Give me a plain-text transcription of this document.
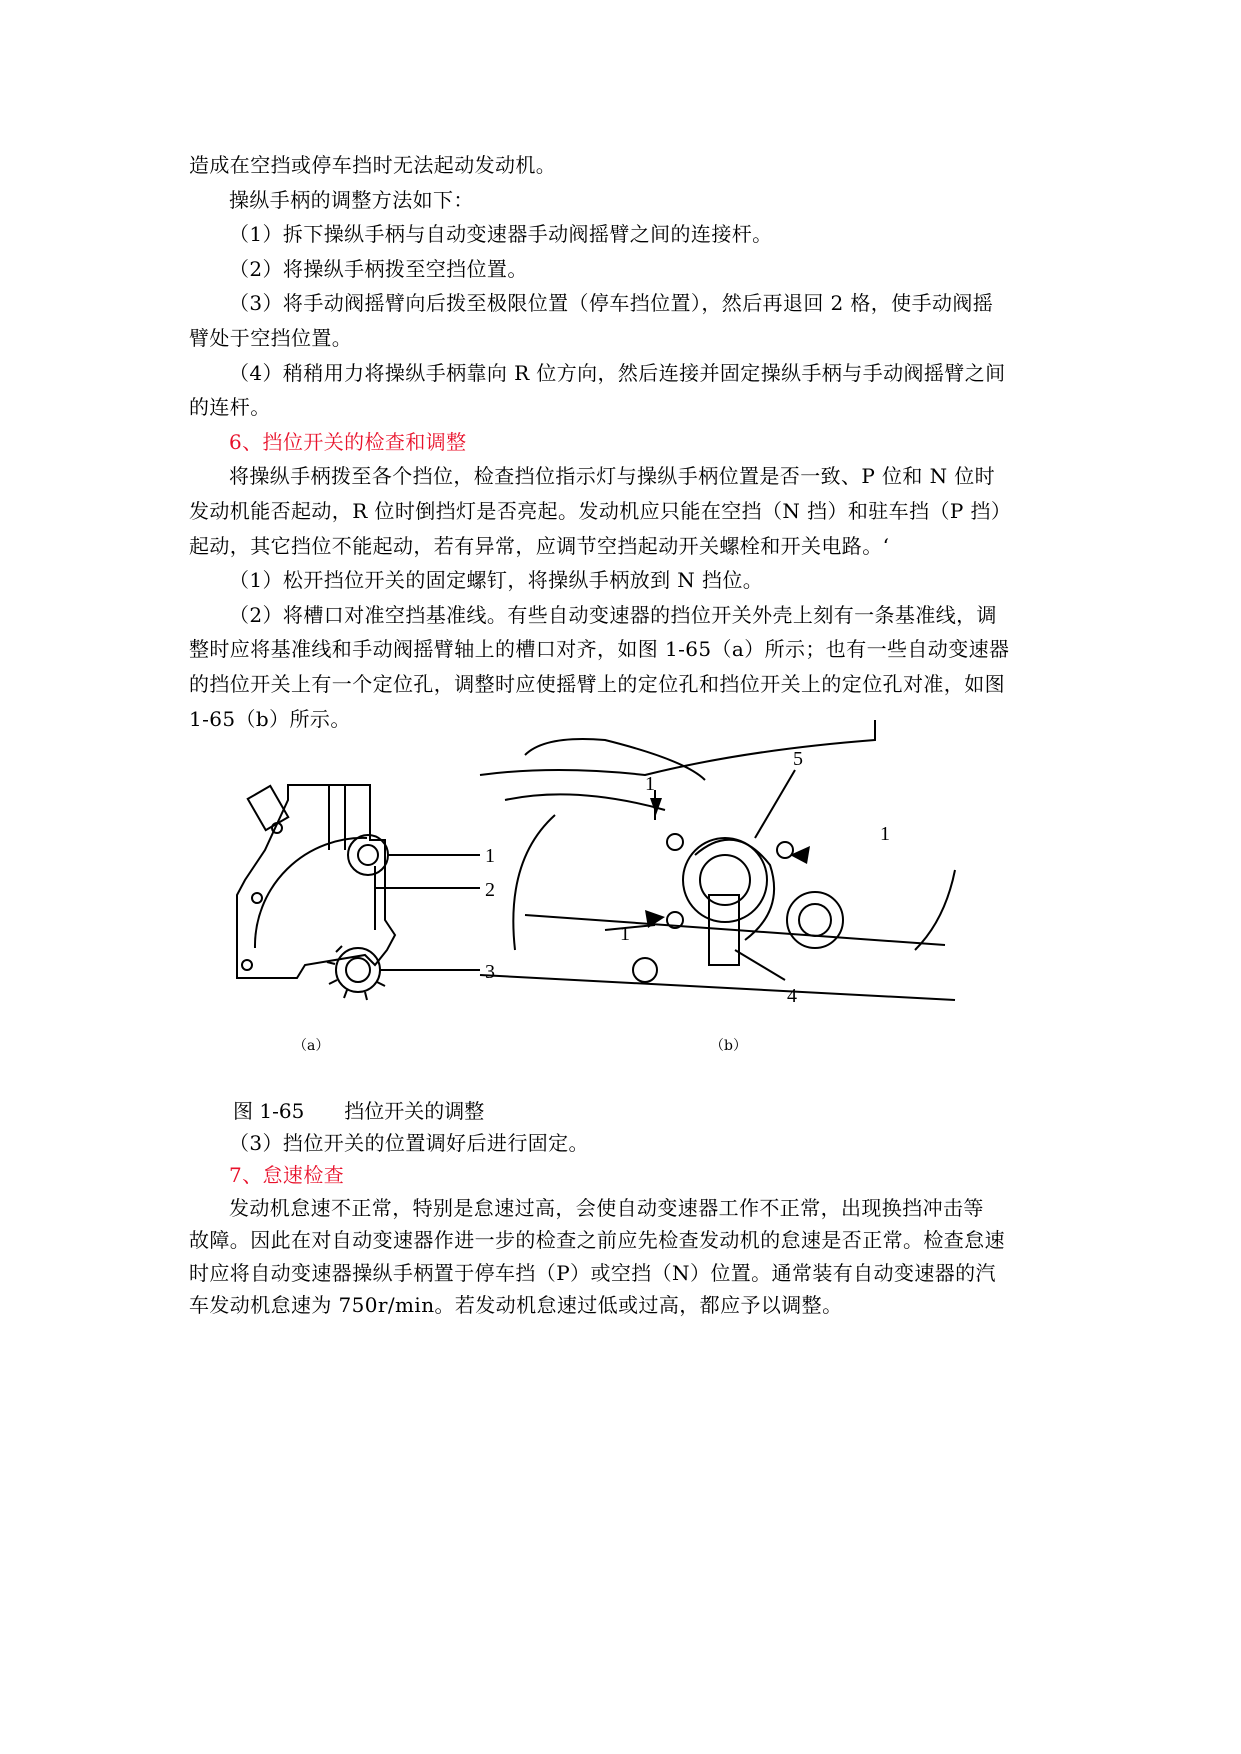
造成在空挡或停车挡时无法起动发动机。
操纵手柄的调整方法如下：
（1）拆下操纵手柄与自动变速器手动阀摇臂之间的连接杆。
（2）将操纵手柄拨至空挡位置。
（3）将手动阀摇臂向后拨至极限位置（停车挡位置），然后再退回 2 格，使手动阀摇
臂处于空挡位置。
（4）稍稍用力将操纵手柄靠向 R 位方向，然后连接并固定操纵手柄与手动阀摇臂之间
的连杆。
6、挡位开关的检查和调整
将操纵手柄拨至各个挡位，检查挡位指示灯与操纵手柄位置是否一致、P 位和 N 位时
发动机能否起动，R 位时倒挡灯是否亮起。发动机应只能在空挡（N 挡）和驻车挡（P 挡）
起动，其它挡位不能起动，若有异常，应调节空挡起动开关螺栓和开关电路。‘
（1）松开挡位开关的固定螺钉，将操纵手柄放到 N 挡位。
（2）将槽口对准空挡基准线。有些自动变速器的挡位开关外壳上刻有一条基准线，调
整时应将基准线和手动阀摇臂轴上的槽口对齐，如图 1-65（a）所示；也有一些自动变速器
的挡位开关上有一个定位孔，调整时应使摇臂上的定位孔和挡位开关上的定位孔对准，如图
1-65（b）所示。
1
2
3
（a）
5
1
1
1
4
（b）
图 1-65　　挡位开关的调整
（3）挡位开关的位置调好后进行固定。
7、怠速检查
发动机怠速不正常，特别是怠速过高，会使自动变速器工作不正常，出现换挡冲击等
故障。因此在对自动变速器作进一步的检查之前应先检查发动机的怠速是否正常。检查怠速
时应将自动变速器操纵手柄置于停车挡（P）或空挡（N）位置。通常装有自动变速器的汽
车发动机怠速为 750r/min。若发动机怠速过低或过高，都应予以调整。
